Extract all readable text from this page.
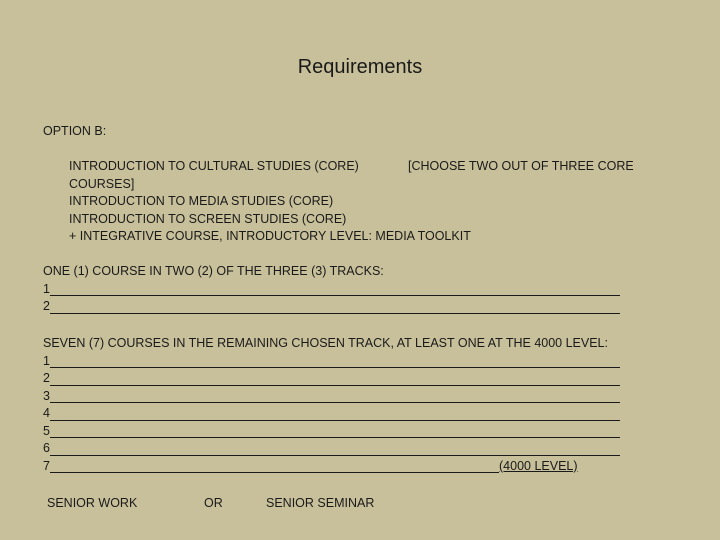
Requirements
OPTION B:
INTRODUCTION TO CULTURAL STUDIES (CORE)	[CHOOSE TWO OUT OF THREE CORE
COURSES]
INTRODUCTION TO MEDIA STUDIES (CORE)
INTRODUCTION TO SCREEN STUDIES (CORE)
+ INTEGRATIVE COURSE, INTRODUCTORY LEVEL: MEDIA TOOLKIT
ONE (1) COURSE IN TWO (2) OF THE THREE (3) TRACKS:
1
2
SEVEN (7) COURSES IN THE REMAINING CHOSEN TRACK, AT LEAST ONE AT THE 4000 LEVEL:
1
2
3
4
5
6
7	(4000 LEVEL)
SENIOR WORK	OR	SENIOR SEMINAR
